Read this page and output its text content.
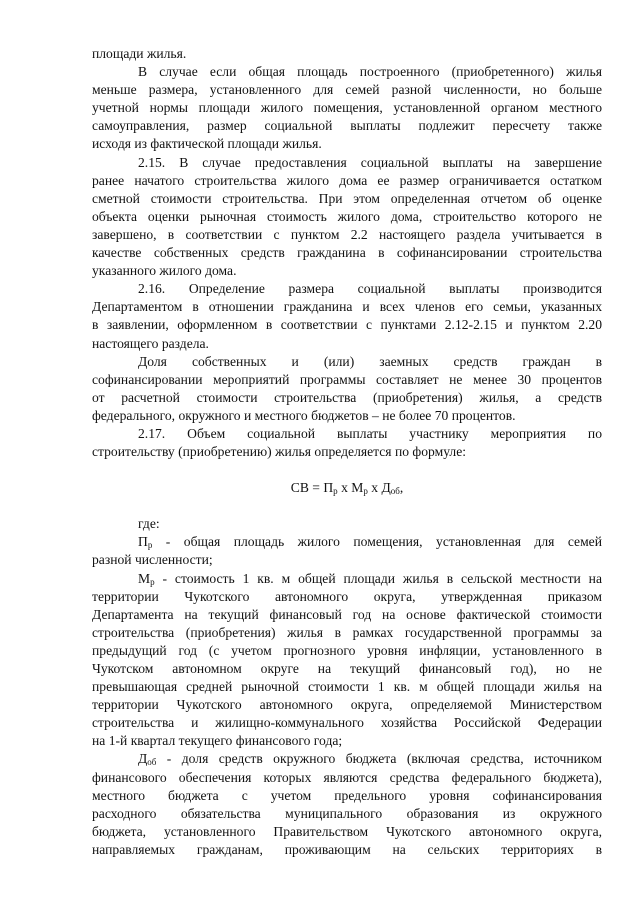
площади жилья.
В случае если общая площадь построенного (приобретенного) жилья
меньше размера, установленного для семей разной численности, но больше
учетной нормы площади жилого помещения, установленной органом местного
самоуправления, размер социальной выплаты подлежит пересчету также
исходя из фактической площади жилья.
2.15. В случае предоставления социальной выплаты на завершение
ранее начатого строительства жилого дома ее размер ограничивается остатком
сметной стоимости строительства. При этом определенная отчетом об оценке
объекта оценки рыночная стоимость жилого дома, строительство которого не
завершено, в соответствии с пунктом 2.2 настоящего раздела учитывается в
качестве собственных средств гражданина в софинансировании строительства
указанного жилого дома.
2.16. Определение размера социальной выплаты производится
Департаментом в отношении гражданина и всех членов его семьи, указанных
в заявлении, оформленном в соответствии с пунктами 2.12-2.15 и пунктом 2.20
настоящего раздела.
Доля собственных и (или) заемных средств граждан в
софинансировании мероприятий программы составляет не менее 30 процентов
от расчетной стоимости строительства (приобретения) жилья, а средств
федерального, окружного и местного бюджетов – не более 70 процентов.
2.17. Объем социальной выплаты участнику мероприятия по
строительству (приобретению) жилья определяется по формуле:
СВ = $П_р$ х $М_р$ х $Д_{об}$,
где:
$П_р$ - общая площадь жилого помещения, установленная для семей
разной численности;
$М_р$ - стоимость 1 кв. м общей площади жилья в сельской местности на
территории Чукотского автономного округа, утвержденная приказом
Департамента на текущий финансовый год на основе фактической стоимости
строительства (приобретения) жилья в рамках государственной программы за
предыдущий год (с учетом прогнозного уровня инфляции, установленного в
Чукотском автономном округе на текущий финансовый год), но не
превышающая средней рыночной стоимости 1 кв. м общей площади жилья на
территории Чукотского автономного округа, определяемой Министерством
строительства и жилищно-коммунального хозяйства Российской Федерации
на 1-й квартал текущего финансового года;
$Д_{об}$ - доля средств окружного бюджета (включая средства, источником
финансового обеспечения которых являются средства федерального бюджета),
местного бюджета с учетом предельного уровня софинансирования
расходного обязательства муниципального образования из окружного
бюджета, установленного Правительством Чукотского автономного округа,
направляемых гражданам, проживающим на сельских территориях в
